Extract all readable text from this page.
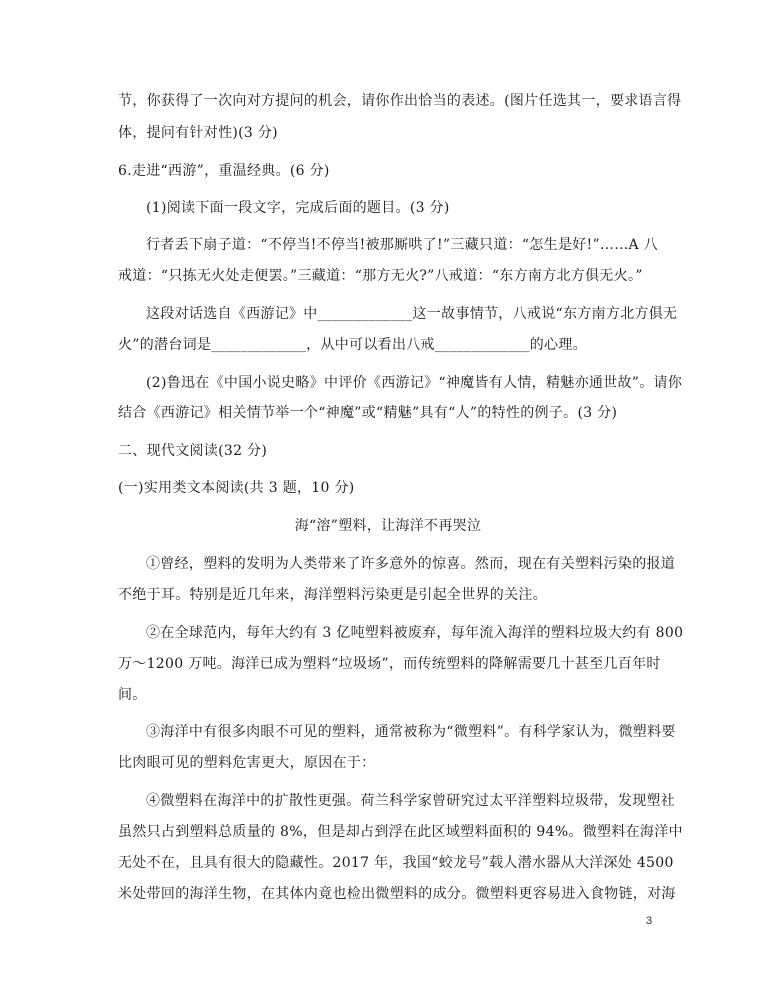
节，你获得了一次向对方提问的机会，请你作出恰当的表述。(图片任选其一，要求语言得
体，提问有针对性)(3 分)
6.走进“西游”，重温经典。(6 分)
(1)阅读下面一段文字，完成后面的题目。(3 分)
行者丢下扇子道：“不停当!不停当!被那厮哄了!”三藏只道：“怎生是好!”……A 八
戒道：“只拣无火处走便罢。”三藏道：“那方无火?”八戒道：“东方南方北方俱无火。”
这段对话选自《西游记》中_____________这一故事情节，八戒说“东方南方北方俱无
火”的潜台词是_____________，从中可以看出八戒_____________的心理。
(2)鲁迅在《中国小说史略》中评价《西游记》“神魔皆有人情，精魅亦通世故”。请你
结合《西游记》相关情节举一个“神魔”或“精魅”具有“人”的特性的例子。(3 分)
二、现代文阅读(32 分)
(一)实用类文本阅读(共 3 题，10 分)
海“溶”塑料，让海洋不再哭泣
①曾经，塑料的发明为人类带来了许多意外的惊喜。然而，现在有关塑料污染的报道
不绝于耳。特别是近几年来，海洋塑料污染更是引起全世界的关注。
②在全球范内，每年大约有 3 亿吨塑料被废弃，每年流入海洋的塑料垃圾大约有 800
万～1200 万吨。海洋已成为塑料“垃圾场”，而传统塑料的降解需要几十甚至几百年时
间。
③海洋中有很多肉眼不可见的塑料，通常被称为“微塑料”。有科学家认为，微塑料要
比肉眼可见的塑料危害更大，原因在于：
④微塑料在海洋中的扩散性更强。荷兰科学家曾研究过太平洋塑料垃圾带，发现塑社
虽然只占到塑料总质量的 8%，但是却占到浮在此区域塑料面积的 94%。微塑料在海洋中
无处不在，且具有很大的隐藏性。2017 年，我国“蛟龙号”载人潜水器从大洋深处 4500
米处带回的海洋生物，在其体内竟也检出微塑料的成分。微塑料更容易进入食物链，对海
3
